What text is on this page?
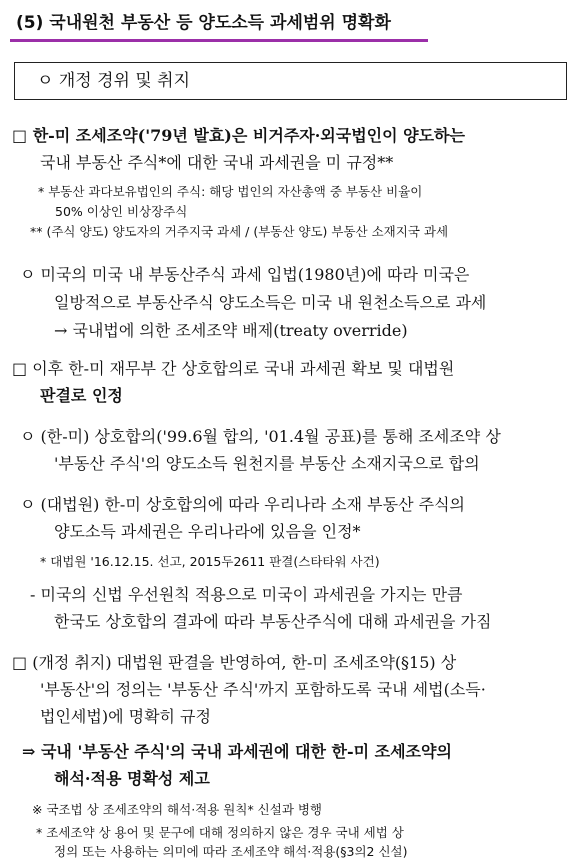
(5) 국내원천 부동산 등 양도소득 과세범위 명확화
ㅇ 개정 경위 및 취지
□ 한-미 조세조약('79년 발효)은 비거주자·외국법인이 양도하는
국내 부동산 주식*에 대한 국내 과세권을 미 규정**
* 부동산 과다보유법인의 주식: 해당 법인의 자산총액 중 부동산 비율이
50% 이상인 비상장주식
** (주식 양도) 양도자의 거주지국 과세 / (부동산 양도) 부동산 소재지국 과세
ㅇ 미국의 미국 내 부동산주식 과세 입법(1980년)에 따라 미국은
일방적으로 부동산주식 양도소득은 미국 내 원천소득으로 과세
→ 국내법에 의한 조세조약 배제(treaty override)
□ 이후 한-미 재무부 간 상호합의로 국내 과세권 확보 및 대법원
판결로 인정
ㅇ (한-미) 상호합의('99.6월 합의, '01.4월 공표)를 통해 조세조약 상
'부동산 주식'의 양도소득 원천지를 부동산 소재지국으로 합의
ㅇ (대법원) 한-미 상호합의에 따라 우리나라 소재 부동산 주식의
양도소득 과세권은 우리나라에 있음을 인정*
* 대법원 '16.12.15. 선고, 2015두2611 판결(스타타워 사건)
- 미국의 신법 우선원칙 적용으로 미국이 과세권을 가지는 만큼
한국도 상호합의 결과에 따라 부동산주식에 대해 과세권을 가짐
□ (개정 취지) 대법원 판결을 반영하여, 한-미 조세조약(§15) 상
'부동산'의 정의는 '부동산 주식'까지 포함하도록 국내 세법(소득·
법인세법)에 명확히 규정
⇒ 국내 '부동산 주식'의 국내 과세권에 대한 한-미 조세조약의
해석·적용 명확성 제고
※ 국조법 상 조세조약의 해석·적용 원칙* 신설과 병행
* 조세조약 상 용어 및 문구에 대해 정의하지 않은 경우 국내 세법 상
정의 또는 사용하는 의미에 따라 조세조약 해석·적용(§3의2 신설)
